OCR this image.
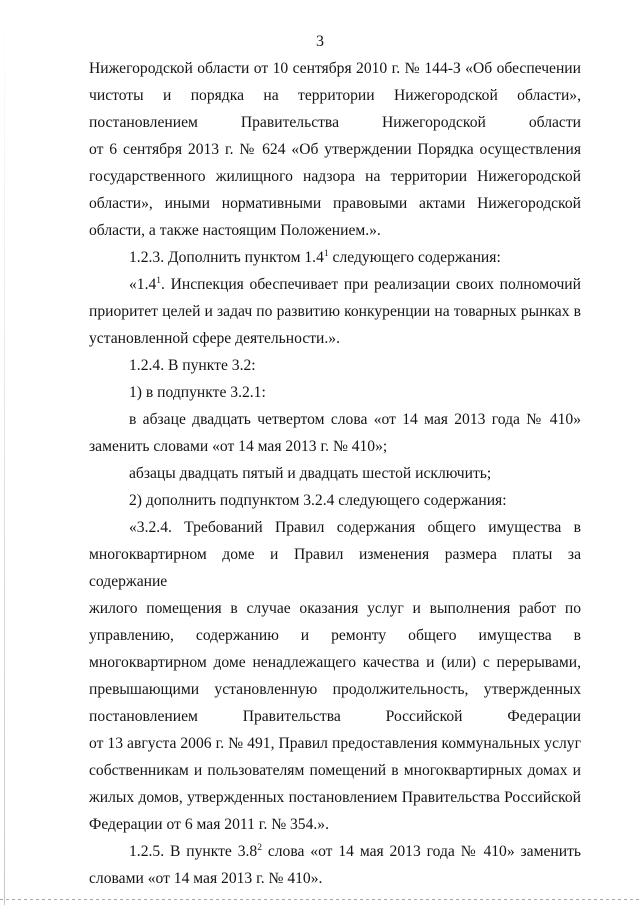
3
Нижегородской области от 10 сентября 2010 г. № 144-З «Об обеспечении
чистоты и порядка на территории Нижегородской области»,
постановлением Правительства Нижегородской области
от 6 сентября 2013 г. № 624 «Об утверждении Порядка осуществления
государственного жилищного надзора на территории Нижегородской
области», иными нормативными правовыми актами Нижегородской
области, а также настоящим Положением.».

1.2.3. Дополнить пунктом $1.4^1$ следующего содержания:

«$1.4^1$. Инспекция обеспечивает при реализации своих полномочий приоритет целей и задач по развитию конкуренции на товарных рынках в установленной сфере деятельности.».

1.2.4. В пункте 3.2:

1) в подпункте 3.2.1:

в абзаце двадцать четвертом слова «от 14 мая 2013 года № 410» заменить словами «от 14 мая 2013 г. № 410»;

абзацы двадцать пятый и двадцать шестой исключить;

2) дополнить подпунктом 3.2.4 следующего содержания:

«3.2.4. Требований Правил содержания общего имущества в
многоквартирном доме и Правил изменения размера платы за содержание
жилого помещения в случае оказания услуг и выполнения работ по
управлению, содержанию и ремонту общего имущества в
многоквартирном доме ненадлежащего качества и (или) с перерывами,
превышающими установленную продолжительность, утвержденных
постановлением Правительства Российской Федерации
от 13 августа 2006 г. № 491, Правил предоставления коммунальных услуг
собственникам и пользователям помещений в многоквартирных домах и
жилых домов, утвержденных постановлением Правительства Российской
Федерации от 6 мая 2011 г. № 354.».

1.2.5. В пункте $3.8^2$ слова «от 14 мая 2013 года № 410» заменить словами «от 14 мая 2013 г. № 410».
